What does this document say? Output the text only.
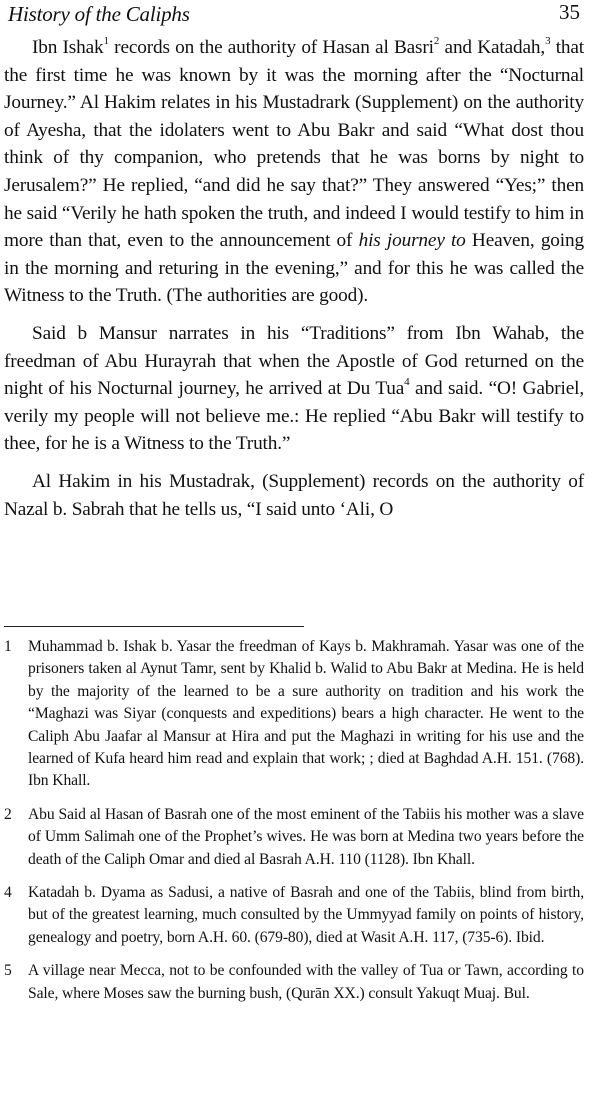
History of the Caliphs	35

Ibn Ishak$^1$ records on the authority of Hasan al Basri$^2$ and Katadah,$^3$ that the first time he was known by it was the morning after the “Nocturnal Journey.” Al Hakim relates in his Mustadrark (Supplement) on the authority of Ayesha, that the idolaters went to Abu Bakr and said “What dost thou think of thy companion, who pretends that he was borns by night to Jerusalem?” He replied, “and did he say that?” They answered “Yes;” then he said “Verily he hath spoken the truth, and indeed I would testify to him in more than that, even to the announcement of his journey to Heaven, going in the morning and returing in the evening,” and for this he was called the Witness to the Truth. (The authorities are good).

Said b Mansur narrates in his “Traditions” from Ibn Wahab, the freedman of Abu Hurayrah that when the Apostle of God returned on the night of his Nocturnal journey, he arrived at Du Tua$^4$ and said. “O! Gabriel, verily my people will not believe me.: He replied “Abu Bakr will testify to thee, for he is a Witness to the Truth.”

Al Hakim in his Mustadrak, (Supplement) records on the authority of Nazal b. Sabrah that he tells us, “I said unto ‘Ali, O

1 Muhammad b. Ishak b. Yasar the freedman of Kays b. Makhramah. Yasar was one of the prisoners taken al Aynut Tamr, sent by Khalid b. Walid to Abu Bakr at Medina. He is held by the majority of the learned to be a sure authority on tradition and his work the “Maghazi was Siyar (conquests and expeditions) bears a high character. He went to the Caliph Abu Jaafar al Mansur at Hira and put the Maghazi in writing for his use and the learned of Kufa heard him read and explain that work; ; died at Baghdad A.H. 151. (768). Ibn Khall.
2 Abu Said al Hasan of Basrah one of the most eminent of the Tabiis his mother was a slave of Umm Salimah one of the Prophet’s wives. He was born at Medina two years before the death of the Caliph Omar and died al Basrah A.H. 110 (1128). Ibn Khall.
4 Katadah b. Dyama as Sadusi, a native of Basrah and one of the Tabiis, blind from birth, but of the greatest learning, much consulted by the Ummyyad family on points of history, genealogy and poetry, born A.H. 60. (679-80), died at Wasit A.H. 117, (735-6). Ibid.
5 A village near Mecca, not to be confounded with the valley of Tua or Tawn, according to Sale, where Moses saw the burning bush, (Qurān XX.) consult Yakuqt Muaj. Bul.
